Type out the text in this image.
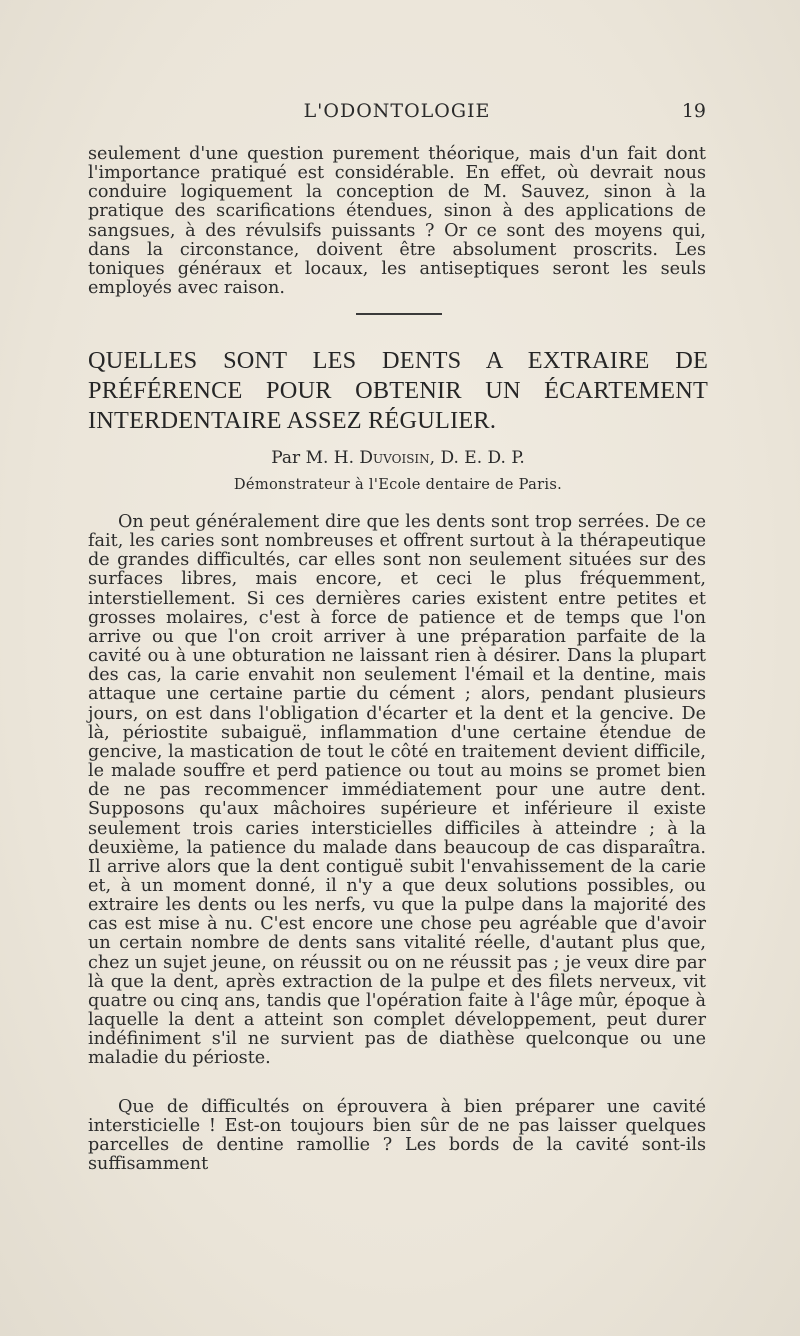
L'ODONTOLOGIE	19

seulement d'une question purement théorique, mais d'un fait dont l'importance pratiqué est considérable. En effet, où devrait nous conduire logiquement la conception de M. Sauvez, sinon à la pratique des scarifications étendues, sinon à des applications de sangsues, à des révulsifs puissants ? Or ce sont des moyens qui, dans la circonstance, doivent être absolument proscrits. Les toniques généraux et locaux, les antiseptiques seront les seuls employés avec raison.

QUELLES SONT LES DENTS A EXTRAIRE DE PRÉFÉRENCE POUR OBTENIR UN ÉCARTEMENT INTERDENTAIRE ASSEZ RÉGULIER.
Par M. H. Duvoisin, D. E. D. P.
Démonstrateur à l'Ecole dentaire de Paris.

On peut généralement dire que les dents sont trop serrées. De ce fait, les caries sont nombreuses et offrent surtout à la thérapeutique de grandes difficultés, car elles sont non seulement situées sur des surfaces libres, mais encore, et ceci le plus fréquemment, interstiellement. Si ces dernières caries existent entre petites et grosses molaires, c'est à force de patience et de temps que l'on arrive ou que l'on croit arriver à une préparation parfaite de la cavité ou à une obturation ne laissant rien à désirer. Dans la plupart des cas, la carie envahit non seulement l'émail et la dentine, mais attaque une certaine partie du cément ; alors, pendant plusieurs jours, on est dans l'obligation d'écarter et la dent et la gencive. De là, périostite subaiguë, inflammation d'une certaine étendue de gencive, la mastication de tout le côté en traitement devient difficile, le malade souffre et perd patience ou tout au moins se promet bien de ne pas recommencer immédiatement pour une autre dent. Supposons qu'aux mâchoires supérieure et inférieure il existe seulement trois caries intersticielles difficiles à atteindre ; à la deuxième, la patience du malade dans beaucoup de cas disparaîtra. Il arrive alors que la dent contiguë subit l'envahissement de la carie et, à un moment donné, il n'y a que deux solutions possibles, ou extraire les dents ou les nerfs, vu que la pulpe dans la majorité des cas est mise à nu. C'est encore une chose peu agréable que d'avoir un certain nombre de dents sans vitalité réelle, d'autant plus que, chez un sujet jeune, on réussit ou on ne réussit pas ; je veux dire par là que la dent, après extraction de la pulpe et des filets nerveux, vit quatre ou cinq ans, tandis que l'opération faite à l'âge mûr, époque à laquelle la dent a atteint son complet développement, peut durer indéfiniment s'il ne survient pas de diathèse quelconque ou une maladie du périoste.

Que de difficultés on éprouvera à bien préparer une cavité intersticielle ! Est-on toujours bien sûr de ne pas laisser quelques parcelles de dentine ramollie ? Les bords de la cavité sont-ils suffisamment
